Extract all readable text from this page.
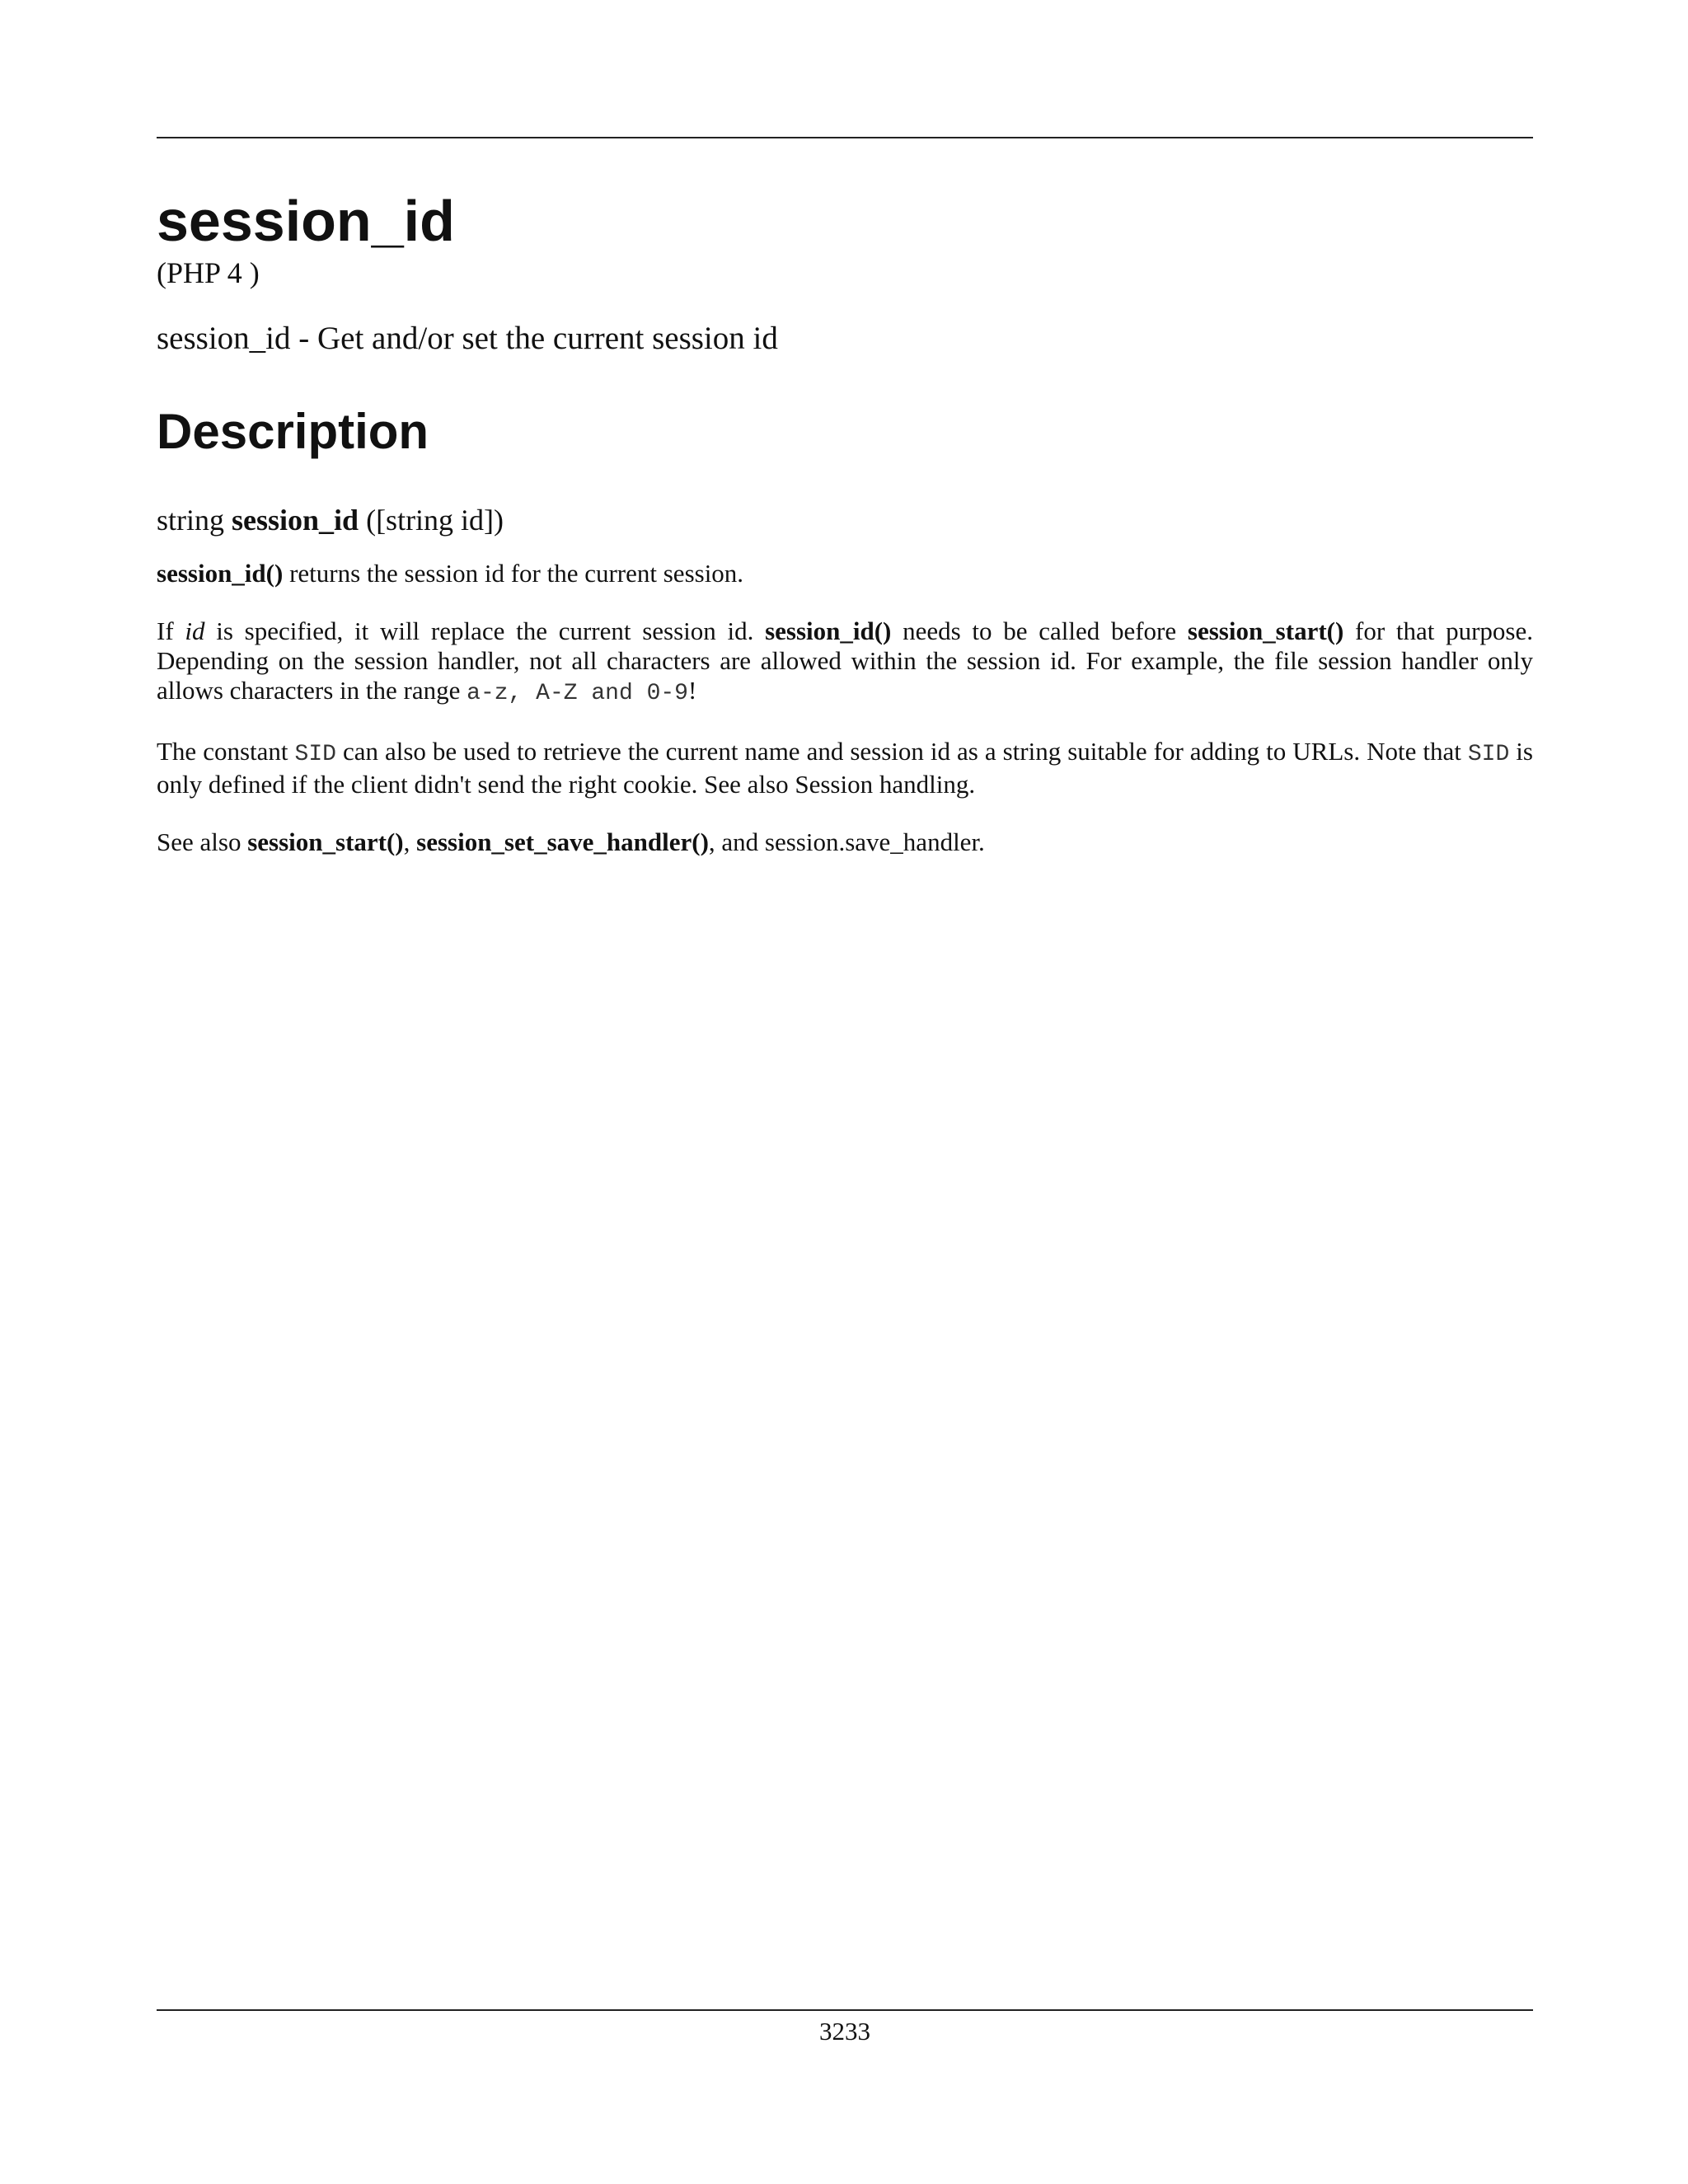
session_id
(PHP 4 )
session_id - Get and/or set the current session id
Description
string session_id ([string id])

session_id() returns the session id for the current session.

If id is specified, it will replace the current session id. session_id() needs to be called before session_start() for that purpose. Depending on the session handler, not all characters are allowed within the session id. For example, the file session handler only allows characters in the range a-z, A-Z and 0-9!

The constant SID can also be used to retrieve the current name and session id as a string suitable for adding to URLs. Note that SID is only defined if the client didn't send the right cookie. See also Session handling.

See also session_start(), session_set_save_handler(), and session.save_handler.

3233
